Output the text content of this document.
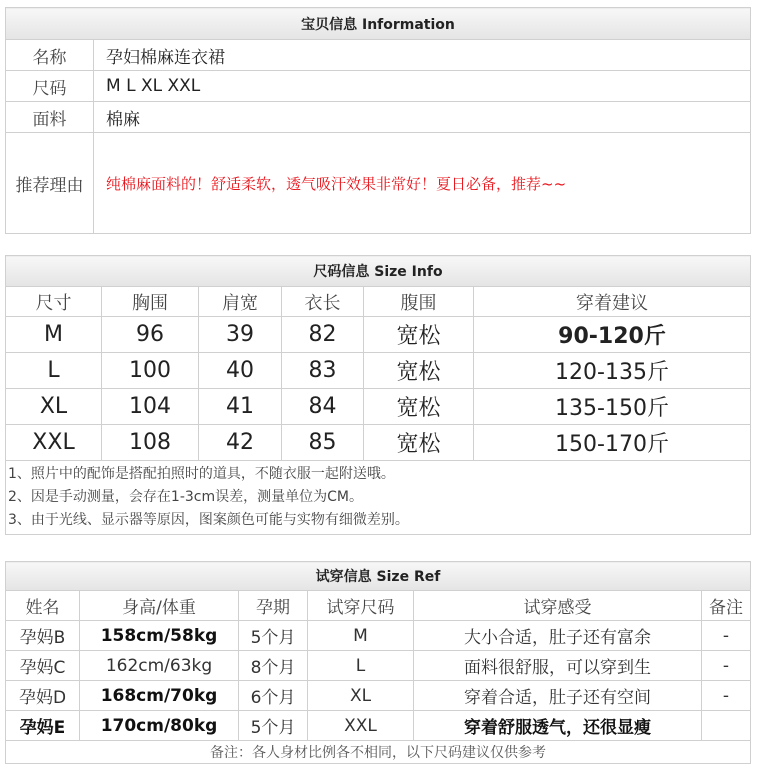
宝贝信息 Information	
名称	孕妇棉麻连衣裙
尺码	M L XL XXL
面料	棉麻
推荐理由	纯棉麻面料的！舒适柔软，透气吸汗效果非常好！夏日必备，推荐~~
尺码信息 Size Info					
尺寸	胸围	肩宽	衣长	腹围	穿着建议
M	96	39	82	宽松	90-120斤
L	100	40	83	宽松	120-135斤
XL	104	41	84	宽松	135-150斤
XXL	108	42	85	宽松	150-170斤

1、照片中的配饰是搭配拍照时的道具，不随衣服一起附送哦。
2、因是手动测量，会存在1-3cm误差，测量单位为CM。
3、由于光线、显示器等原因，图案颜色可能与实物有细微差别。					
试穿信息 Size Ref					
姓名	身高/体重	孕期	试穿尺码	试穿感受	备注
孕妈B	158cm/58kg	5个月	M	大小合适，肚子还有富余	-
孕妈C	162cm/63kg	8个月	L	面料很舒服，可以穿到生	-
孕妈D	168cm/70kg	6个月	XL	穿着合适，肚子还有空间	-
孕妈E	170cm/80kg	5个月	XXL	穿着舒服透气，还很显瘦	
备注：各人身材比例各不相同，以下尺码建议仅供参考					
